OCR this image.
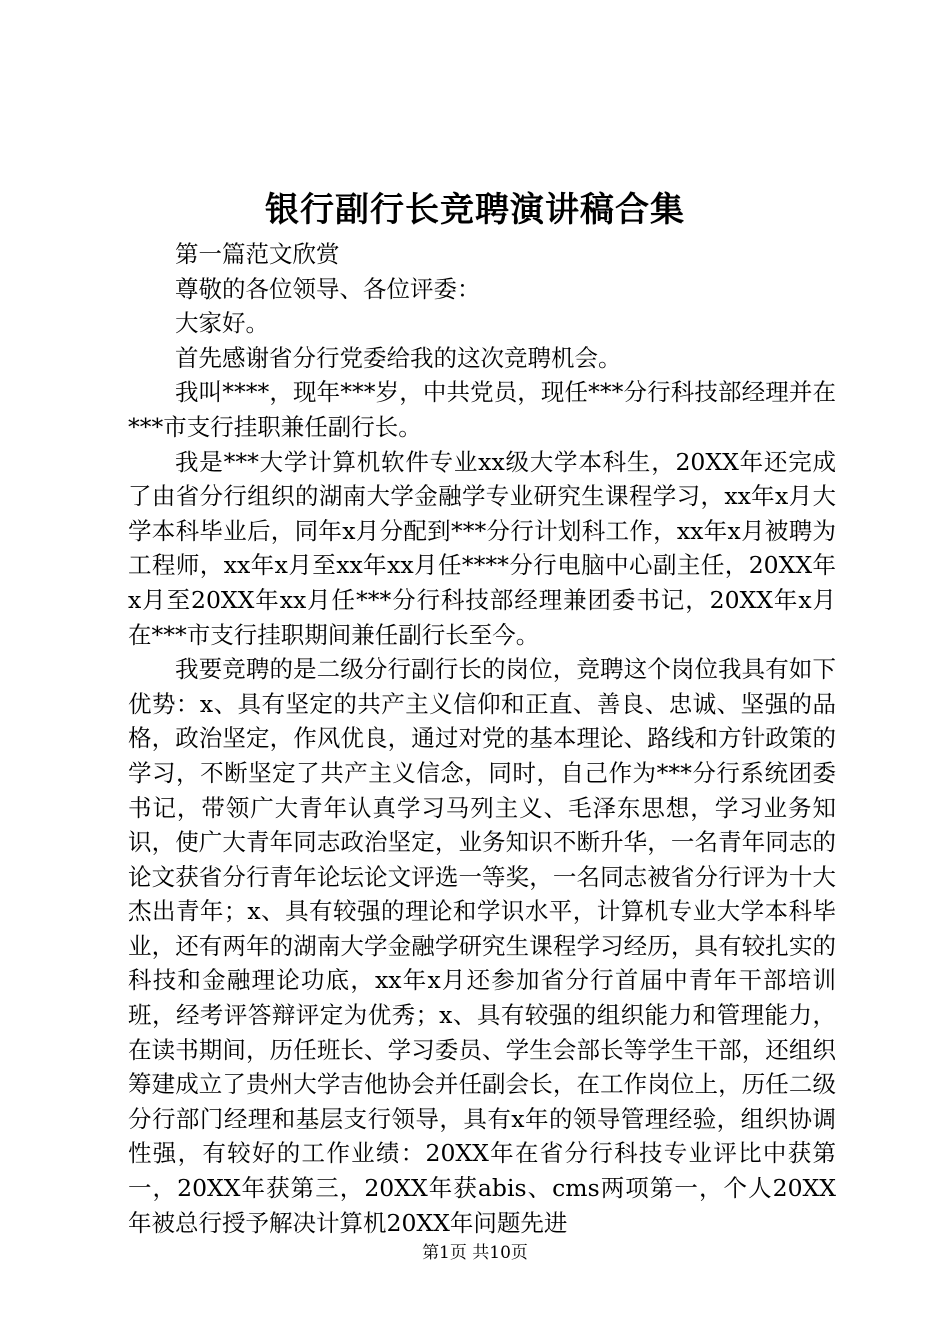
银行副行长竞聘演讲稿合集

第一篇范文欣赏

尊敬的各位领导、各位评委：

大家好。

首先感谢省分行党委给我的这次竞聘机会。

我叫****，现年***岁，中共党员，现任***分行科技部经理并在***市支行挂职兼任副行长。

我是***大学计算机软件专业xx级大学本科生，20XX年还完成了由省分行组织的湖南大学金融学专业研究生课程学习，xx年x月大学本科毕业后，同年x月分配到***分行计划科工作，xx年x月被聘为工程师，xx年x月至xx年xx月任****分行电脑中心副主任，20XX年x月至20XX年xx月任***分行科技部经理兼团委书记，20XX年x月在***市支行挂职期间兼任副行长至今。

我要竞聘的是二级分行副行长的岗位，竞聘这个岗位我具有如下优势：x、具有坚定的共产主义信仰和正直、善良、忠诚、坚强的品格，政治坚定，作风优良，通过对党的基本理论、路线和方针政策的学习，不断坚定了共产主义信念，同时，自己作为***分行系统团委书记，带领广大青年认真学习马列主义、毛泽东思想，学习业务知识，使广大青年同志政治坚定，业务知识不断升华，一名青年同志的论文获省分行青年论坛论文评选一等奖，一名同志被省分行评为十大杰出青年；x、具有较强的理论和学识水平，计算机专业大学本科毕业，还有两年的湖南大学金融学研究生课程学习经历，具有较扎实的科技和金融理论功底，xx年x月还参加省分行首届中青年干部培训班，经考评答辩评定为优秀；x、具有较强的组织能力和管理能力，在读书期间，历任班长、学习委员、学生会部长等学生干部，还组织筹建成立了贵州大学吉他协会并任副会长，在工作岗位上，历任二级分行部门经理和基层支行领导，具有x年的领导管理经验，组织协调性强，有较好的工作业绩：20XX年在省分行科技专业评比中获第一，20XX年获第三，20XX年获abis、cms两项第一，个人20XX年被总行授予解决计算机20XX年问题先进

第1页 共10页
